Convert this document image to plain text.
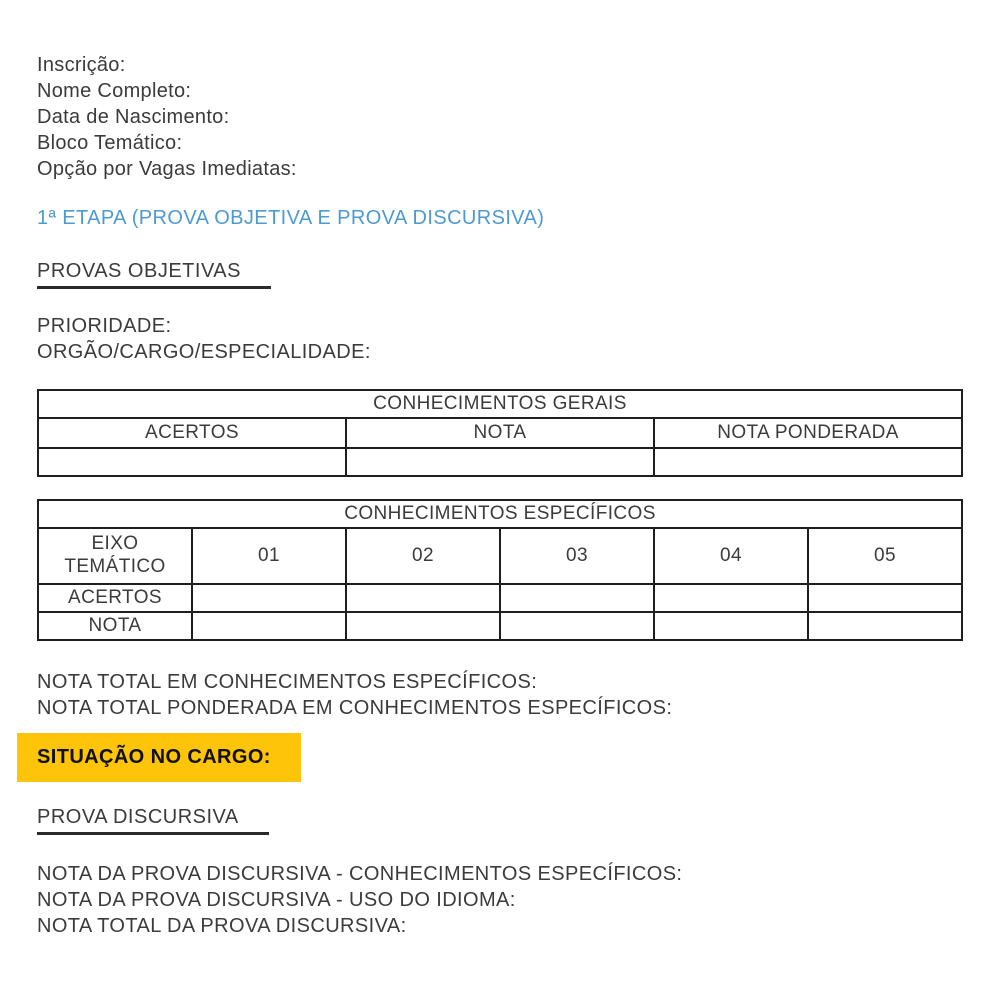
Inscrição:
Nome Completo:
Data de Nascimento:
Bloco Temático:
Opção por Vagas Imediatas:
1ª ETAPA (PROVA OBJETIVA E PROVA DISCURSIVA)
PROVAS OBJETIVAS
PRIORIDADE:
ORGÃO/CARGO/ESPECIALIDADE:
CONHECIMENTOS GERAIS		
ACERTOS	NOTA	NOTA PONDERADA

CONHECIMENTOS ESPECÍFICOS					

EIXO TEMÁTICO	01	02	03	04	05
ACERTOS					
NOTA					
NOTA TOTAL EM CONHECIMENTOS ESPECÍFICOS:
NOTA TOTAL PONDERADA EM CONHECIMENTOS ESPECÍFICOS:
SITUAÇÃO NO CARGO:
PROVA DISCURSIVA
NOTA DA PROVA DISCURSIVA - CONHECIMENTOS ESPECÍFICOS:
NOTA DA PROVA DISCURSIVA - USO DO IDIOMA:
NOTA TOTAL DA PROVA DISCURSIVA:
